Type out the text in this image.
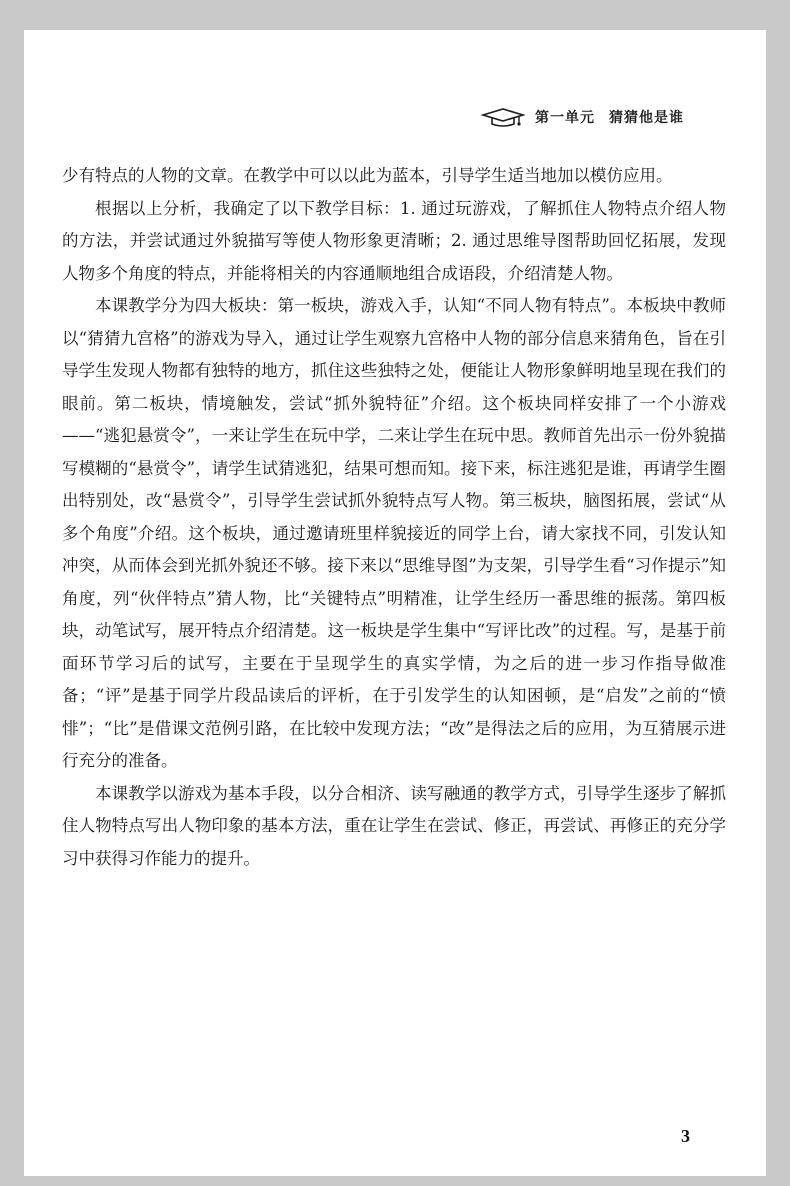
第一单元 猜猜他是谁

少有特点的人物的文章。在教学中可以以此为蓝本，引导学生适当地加以模仿应用。

根据以上分析，我确定了以下教学目标：1. 通过玩游戏，了解抓住人物特点介绍人物的方法，并尝试通过外貌描写等使人物形象更清晰；2. 通过思维导图帮助回忆拓展，发现人物多个角度的特点，并能将相关的内容通顺地组合成语段，介绍清楚人物。

本课教学分为四大板块：第一板块，游戏入手，认知“不同人物有特点”。本板块中教师以“猜猜九宫格”的游戏为导入，通过让学生观察九宫格中人物的部分信息来猜角色，旨在引导学生发现人物都有独特的地方，抓住这些独特之处，便能让人物形象鲜明地呈现在我们的眼前。第二板块，情境触发，尝试“抓外貌特征”介绍。这个板块同样安排了一个小游戏——“逃犯悬赏令”，一来让学生在玩中学，二来让学生在玩中思。教师首先出示一份外貌描写模糊的“悬赏令”，请学生试猜逃犯，结果可想而知。接下来，标注逃犯是谁，再请学生圈出特别处，改“悬赏令”，引导学生尝试抓外貌特点写人物。第三板块，脑图拓展，尝试“从多个角度”介绍。这个板块，通过邀请班里样貌接近的同学上台，请大家找不同，引发认知冲突，从而体会到光抓外貌还不够。接下来以“思维导图”为支架，引导学生看“习作提示”知角度，列“伙伴特点”猜人物，比“关键特点”明精准，让学生经历一番思维的振荡。第四板块，动笔试写，展开特点介绍清楚。这一板块是学生集中“写评比改”的过程。写，是基于前面环节学习后的试写，主要在于呈现学生的真实学情，为之后的进一步习作指导做准备；“评”是基于同学片段品读后的评析，在于引发学生的认知困顿，是“启发”之前的“愤悱”；“比”是借课文范例引路，在比较中发现方法；“改”是得法之后的应用，为互猜展示进行充分的准备。

本课教学以游戏为基本手段，以分合相济、读写融通的教学方式，引导学生逐步了解抓住人物特点写出人物印象的基本方法，重在让学生在尝试、修正，再尝试、再修正的充分学习中获得习作能力的提升。

3
